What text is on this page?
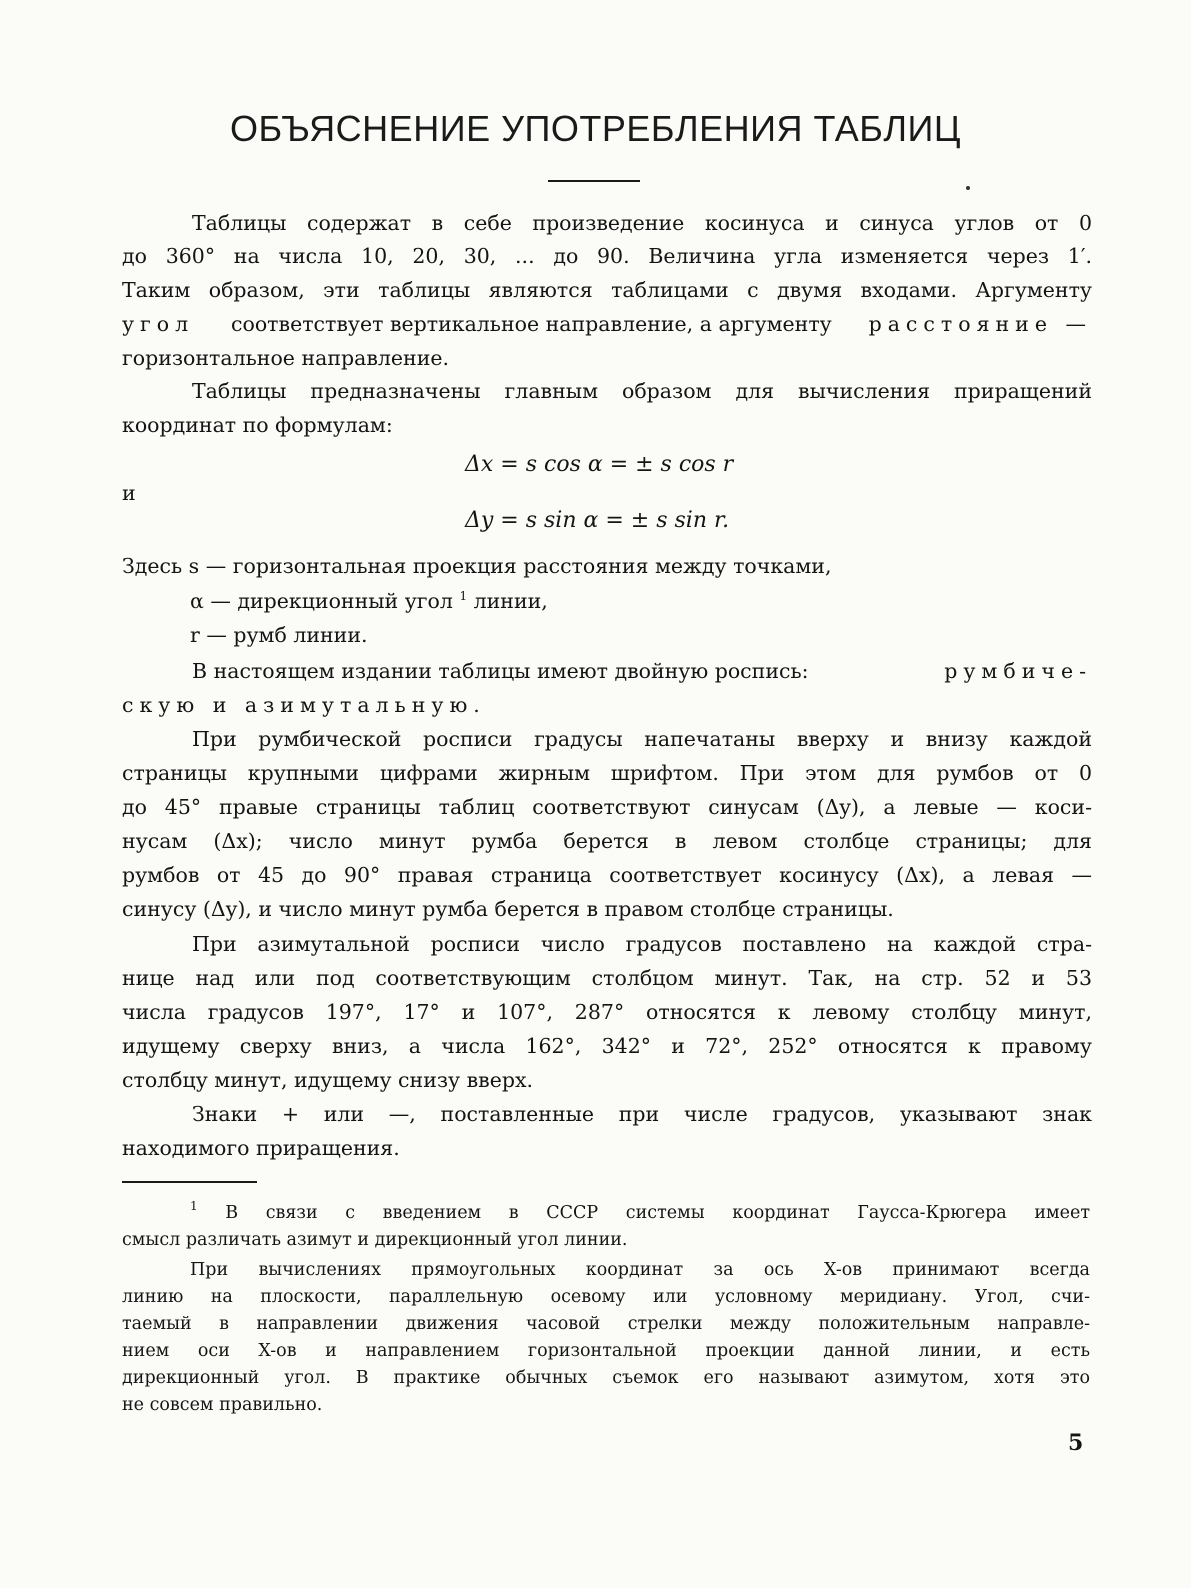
ОБЪЯСНЕНИЕ УПОТРЕБЛЕНИЯ ТАБЛИЦ
Таблицы содержат в себе произведение косинуса и синуса углов от 0
до 360° на числа 10, 20, 30, ... до 90. Величина угла изменяется через 1′.
Таким образом, эти таблицы являются таблицами с двумя входами. Аргументу
угол соответствует вертикальное направление, а аргументу расстояние —
горизонтальное направление.
Таблицы предназначены главным образом для вычисления приращений
координат по формулам:
Δx = s cos α = ± s cos r
и
Δy = s sin α = ± s sin r.
Здесь s — горизонтальная проекция расстояния между точками,
α — дирекционный угол $^1$ линии,
r — румб линии.
В настоящем издании таблицы имеют двойную роспись:	румбиче-
скую и азимутальную.
При румбической росписи градусы напечатаны вверху и внизу каждой
страницы крупными цифрами жирным шрифтом. При этом для румбов от 0
до 45° правые страницы таблиц соответствуют синусам (Δy), а левые — коси-
нусам (Δx); число минут румба берется в левом столбце страницы; для
румбов от 45 до 90° правая страница соответствует косинусу (Δx), а левая —
синусу (Δy), и число минут румба берется в правом столбце страницы.
При азимутальной росписи число градусов поставлено на каждой стра-
нице над или под соответствующим столбцом минут. Так, на стр. 52 и 53
числа градусов 197°, 17° и 107°, 287° относятся к левому столбцу минут,
идущему сверху вниз, а числа 162°, 342° и 72°, 252° относятся к правому
столбцу минут, идущему снизу вверх.
Знаки + или —, поставленные при числе градусов, указывают знак
находимого приращения.
$^1$ В связи с введением в СССР системы координат Гаусса-Крюгера имеет
смысл различать азимут и дирекционный угол линии.
При вычислениях прямоугольных координат за ось X-ов принимают всегда
линию на плоскости, параллельную осевому или условному меридиану. Угол, счи-
таемый в направлении движения часовой стрелки между положительным направле-
нием оси X-ов и направлением горизонтальной проекции данной линии, и есть
дирекционный угол. В практике обычных съемок его называют азимутом, хотя это
не совсем правильно.
5
